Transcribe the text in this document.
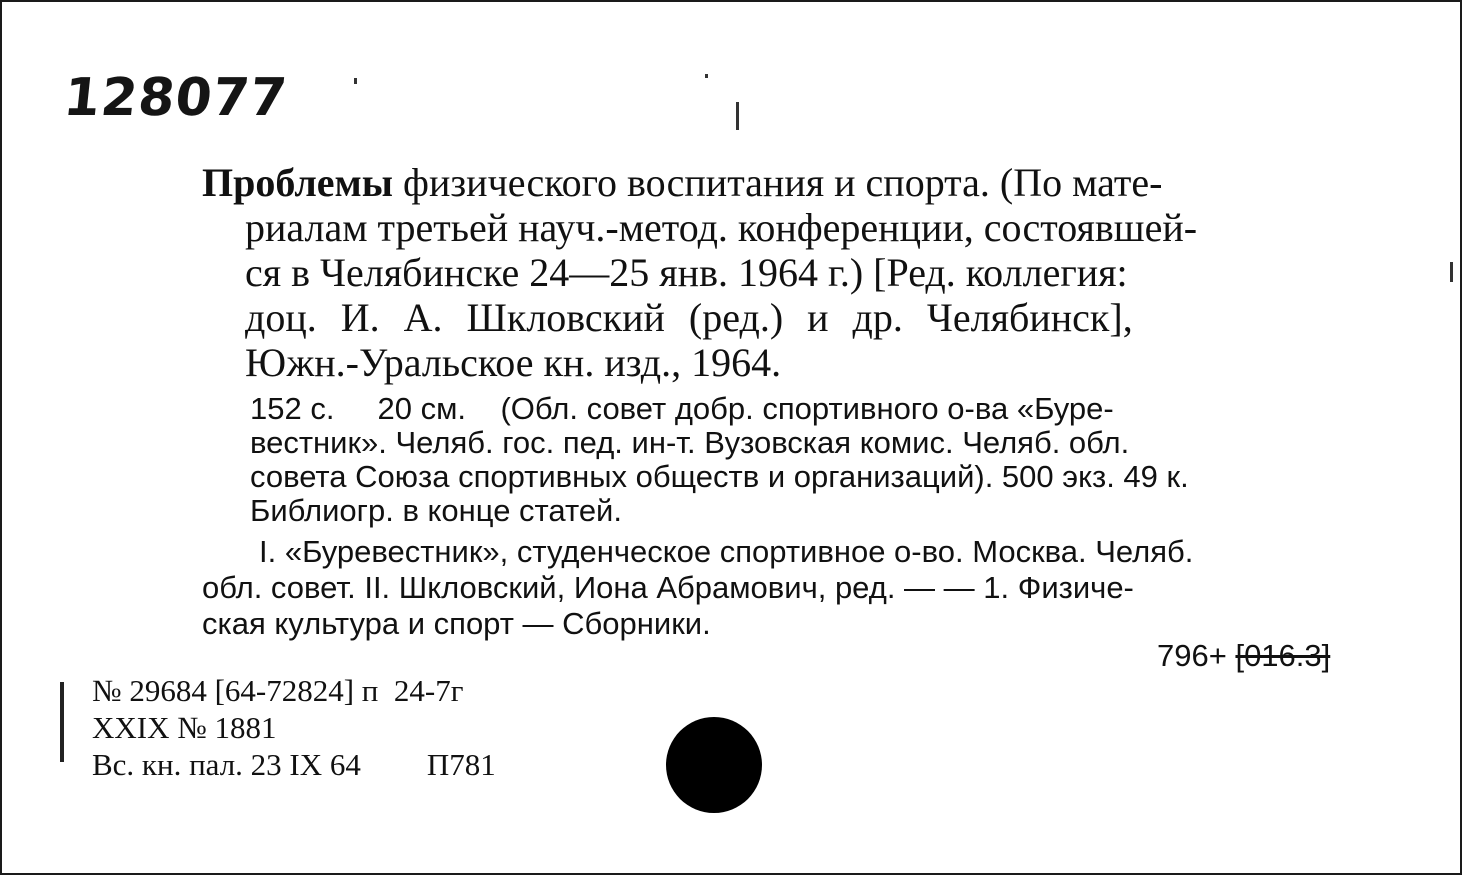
128077
Проблемы физического воспитания и спорта. (По мате-
риалам третьей науч.-метод. конференции, состоявшей-
ся в Челябинске 24—25 янв. 1964 г.) [Ред. коллегия:
доц. И. А. Шкловский (ред.) и др. Челябинск],
Южн.-Уральское кн. изд., 1964.
152 с.     20 см.    (Обл. совет добр. спортивного о-ва «Буре-
вестник». Челяб. гос. пед. ин-т. Вузовская комис. Челяб. обл.
совета Союза спортивных обществ и организаций). 500 экз. 49 к.
Библиогр. в конце статей.
I. «Буревестник», студенческое спортивное о-во. Москва. Челяб.
обл. совет. II. Шкловский, Иона Абрамович, ред. — — 1. Физиче-
ская культура и спорт — Сборники.
796+ [016.3]
№ 29684 [64-72824] п  24-7г
XXIX № 1881
Вс. кн. пал. 23 IX 64 П781
